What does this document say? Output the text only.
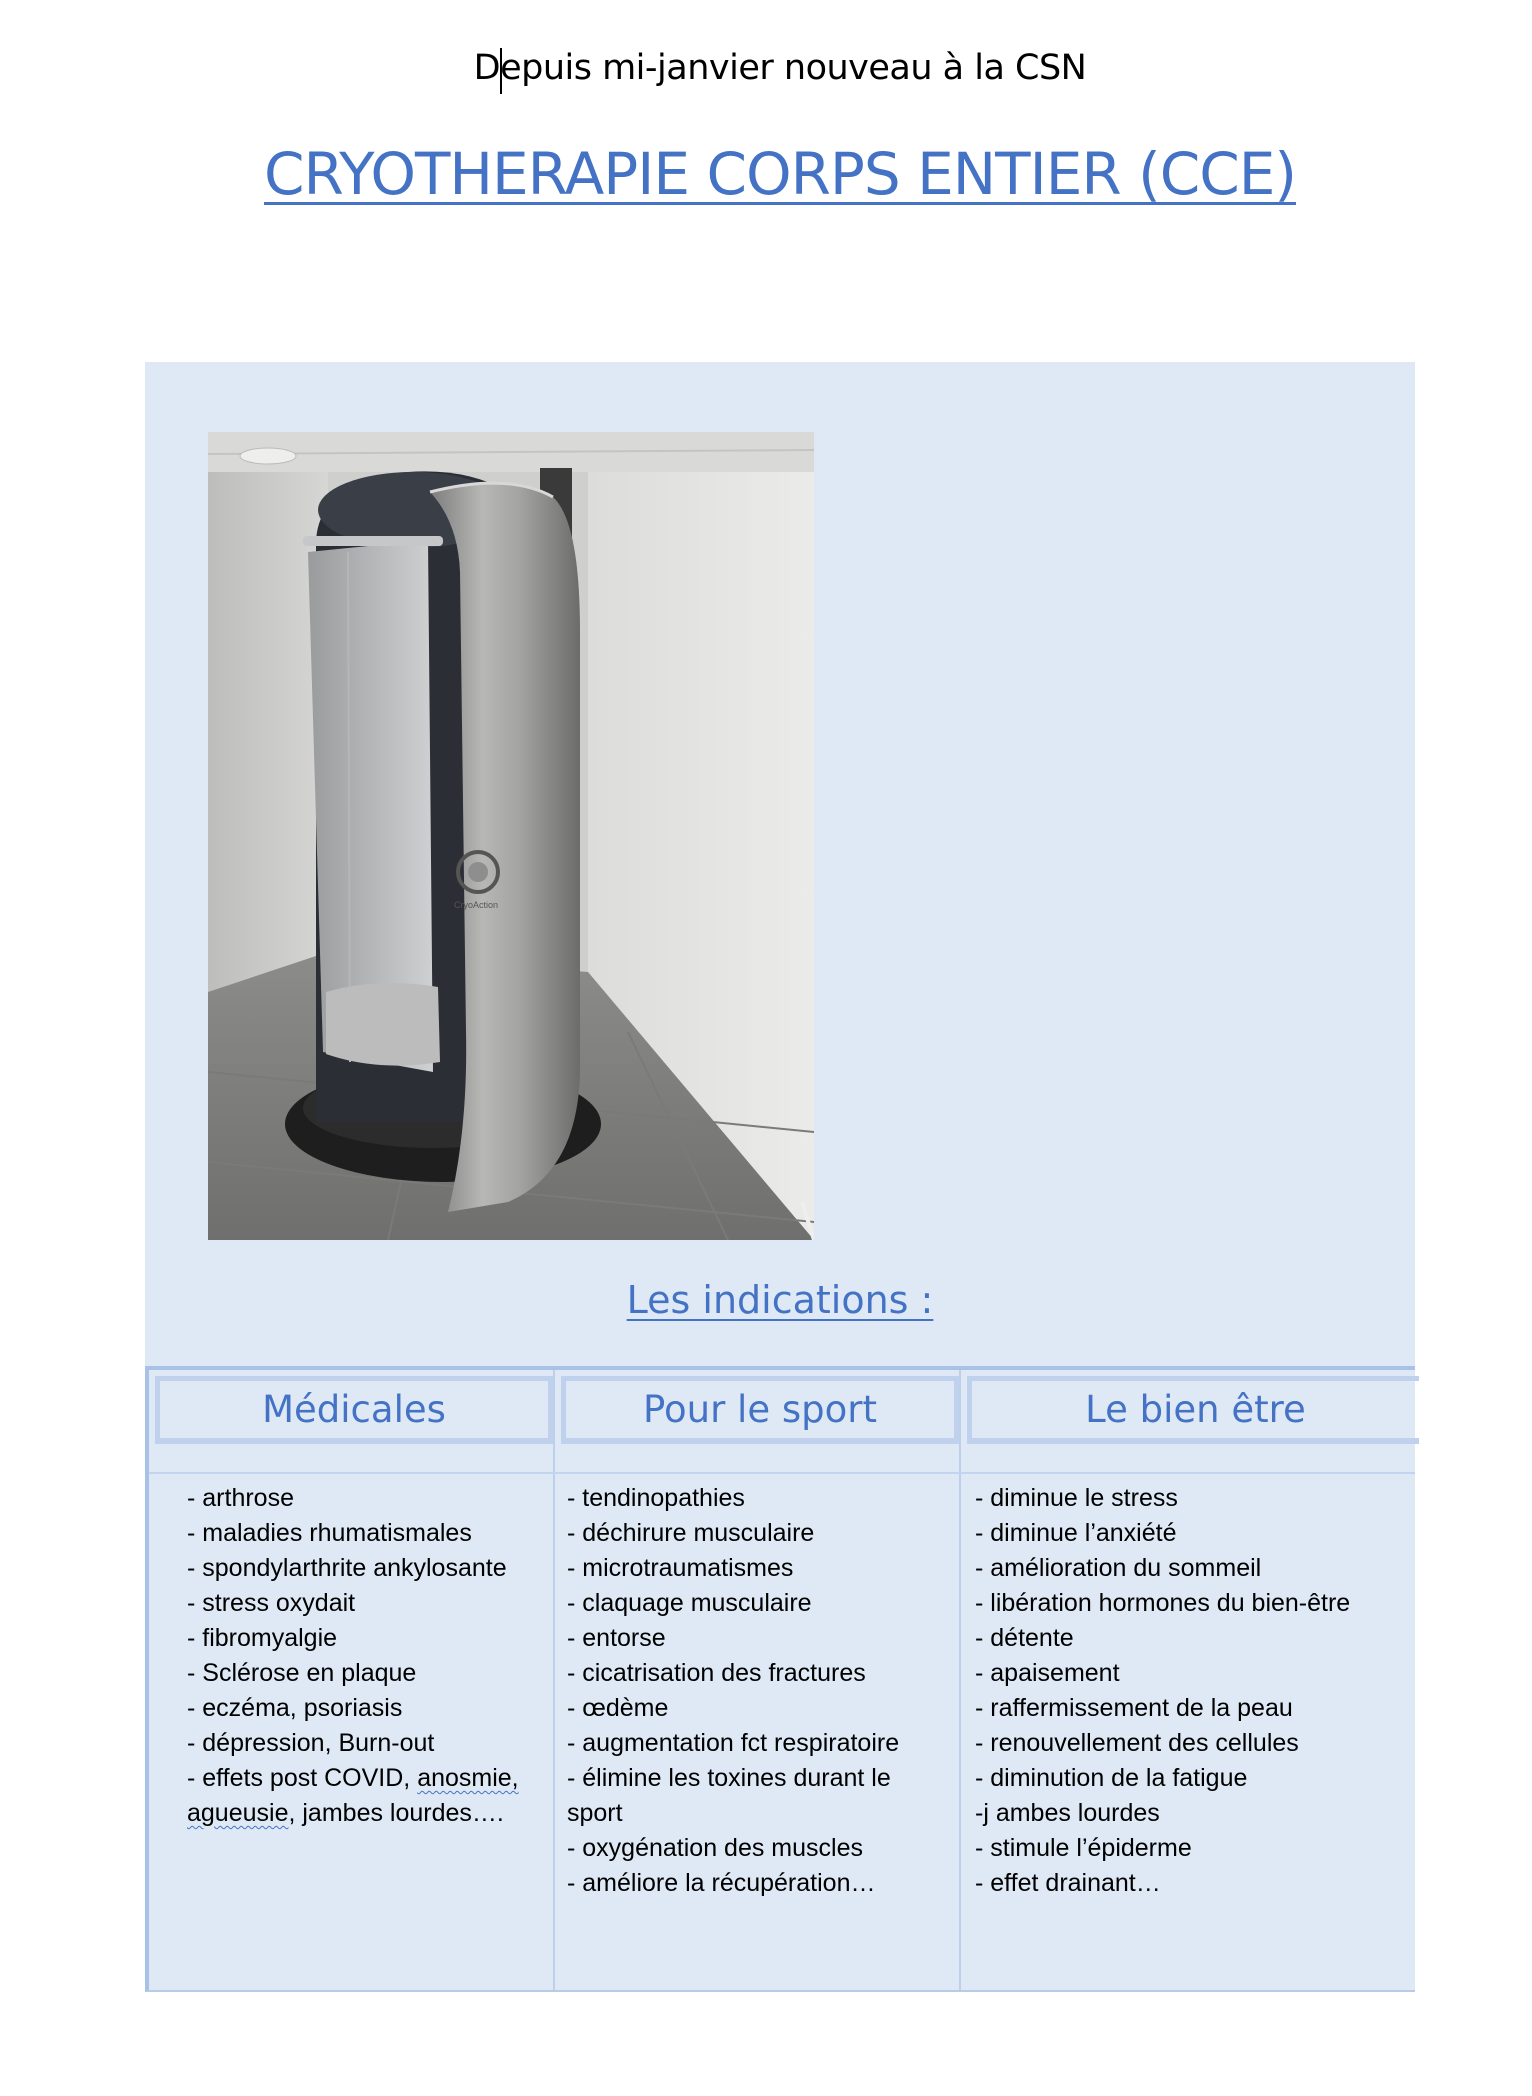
Depuis mi-janvier nouveau à la CSN
CRYOTHERAPIE CORPS ENTIER (CCE)
CryoAction
Les indications :
Médicales	Pour le sport	Le bien être
- arthrose
- maladies rhumatismales
- spondylarthrite ankylosante
- stress oxydait
- fibromyalgie
- Sclérose en plaque
- eczéma, psoriasis
- dépression, Burn-out
- effets post COVID, anosmie, agueusie, jambes lourdes….
- tendinopathies
- déchirure musculaire
- microtraumatismes
- claquage musculaire
- entorse
- cicatrisation des fractures
- œdème
- augmentation fct respiratoire
- élimine les toxines durant le sport
- oxygénation des muscles
- améliore la récupération…
- diminue le stress
- diminue l’anxiété
- amélioration du sommeil
- libération hormones du bien-être
- détente
- apaisement
- raffermissement de la peau
- renouvellement des cellules
- diminution de la fatigue
-j ambes lourdes
- stimule l’épiderme
- effet drainant…
